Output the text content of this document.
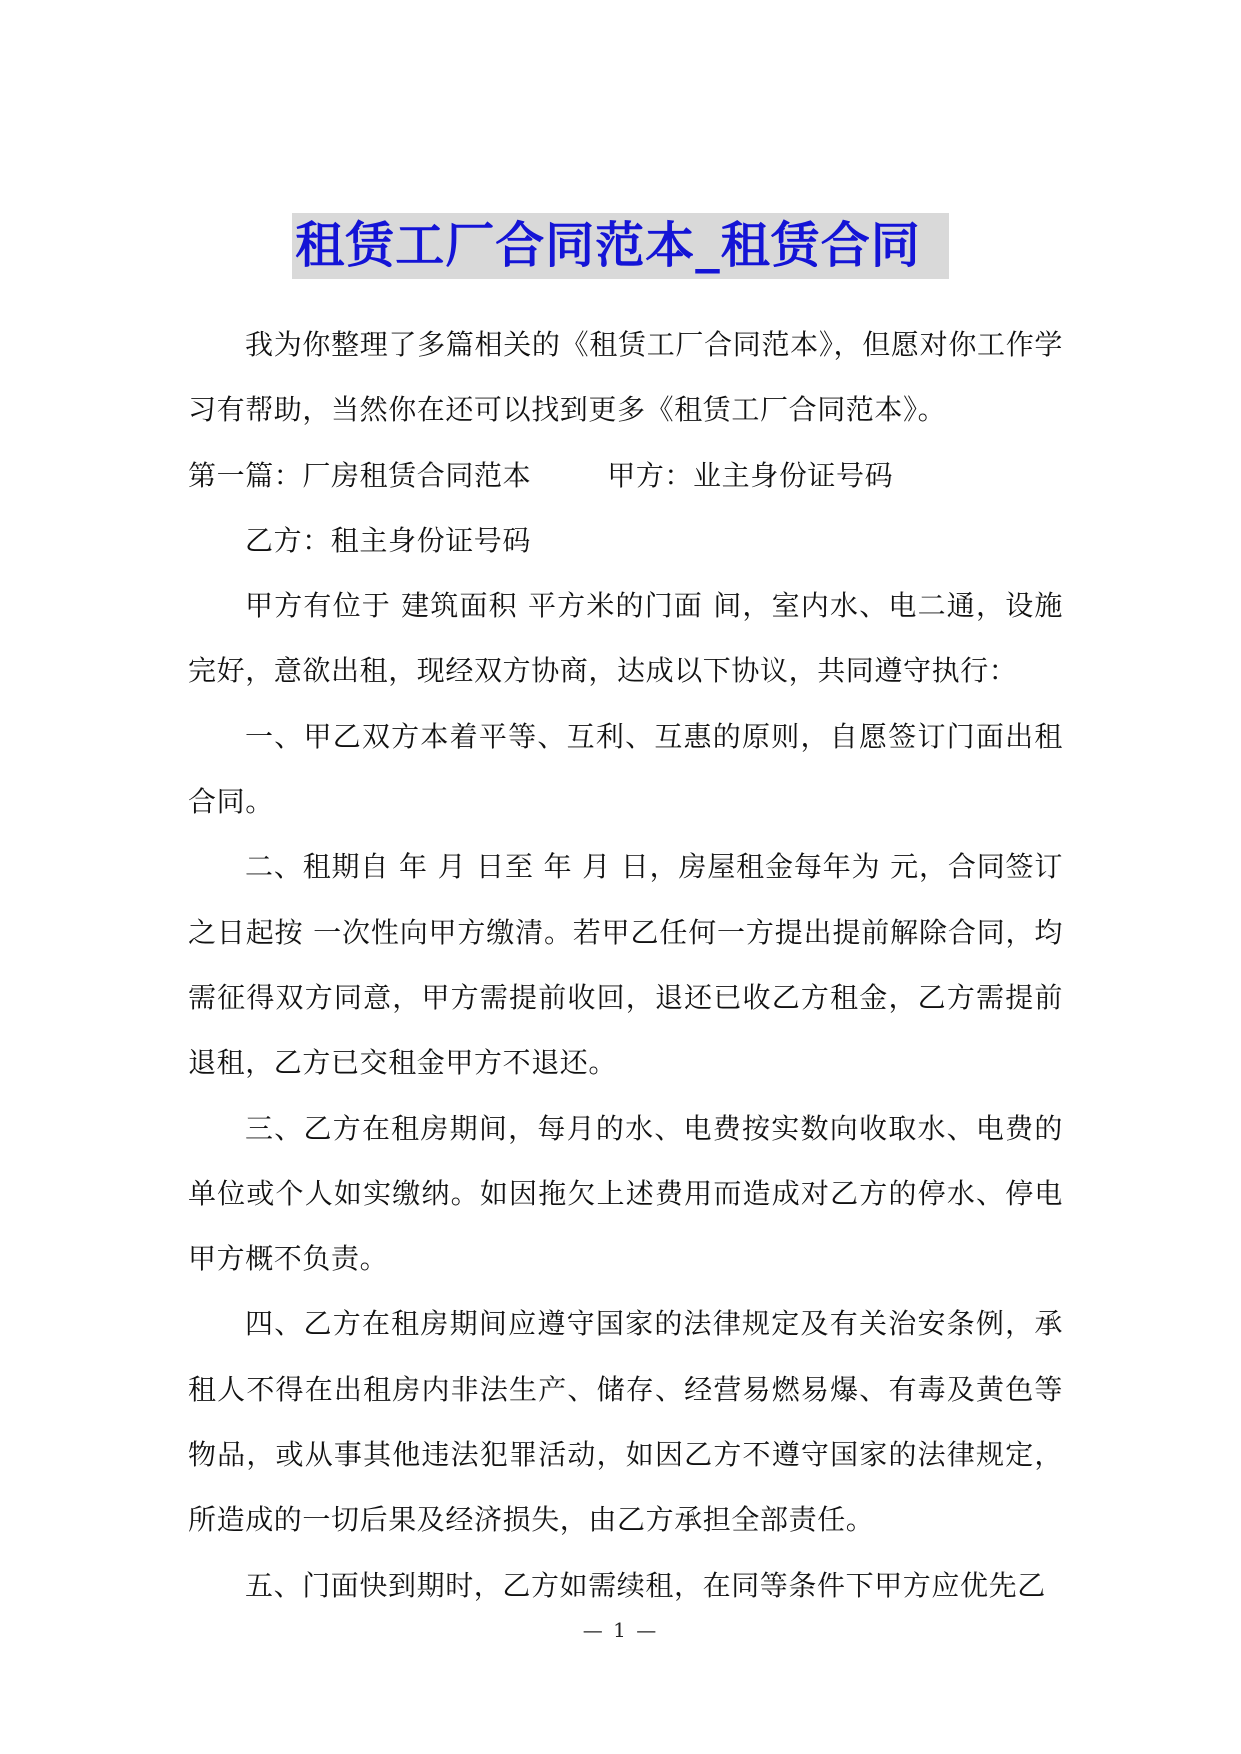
租赁工厂合同范本_租赁合同

我为你整理了多篇相关的《租赁工厂合同范本》，但愿对你工作学习有帮助，当然你在还可以找到更多《租赁工厂合同范本》。

第一篇：厂房租赁合同范本	甲方：业主身份证号码

乙方：租主身份证号码

甲方有位于 建筑面积 平方米的门面 间，室内水、电二通，设施完好，意欲出租，现经双方协商，达成以下协议，共同遵守执行：

一、甲乙双方本着平等、互利、互惠的原则，自愿签订门面出租合同。

二、租期自 年 月 日至 年 月 日，房屋租金每年为 元，合同签订之日起按 一次性向甲方缴清。若甲乙任何一方提出提前解除合同，均需征得双方同意，甲方需提前收回，退还已收乙方租金，乙方需提前退租，乙方已交租金甲方不退还。

三、乙方在租房期间，每月的水、电费按实数向收取水、电费的单位或个人如实缴纳。如因拖欠上述费用而造成对乙方的停水、停电甲方概不负责。

四、乙方在租房期间应遵守国家的法律规定及有关治安条例，承租人不得在出租房内非法生产、储存、经营易燃易爆、有毒及黄色等物品，或从事其他违法犯罪活动，如因乙方不遵守国家的法律规定，所造成的一切后果及经济损失，由乙方承担全部责任。

五、门面快到期时，乙方如需续租，在同等条件下甲方应优先乙

— 1 —
